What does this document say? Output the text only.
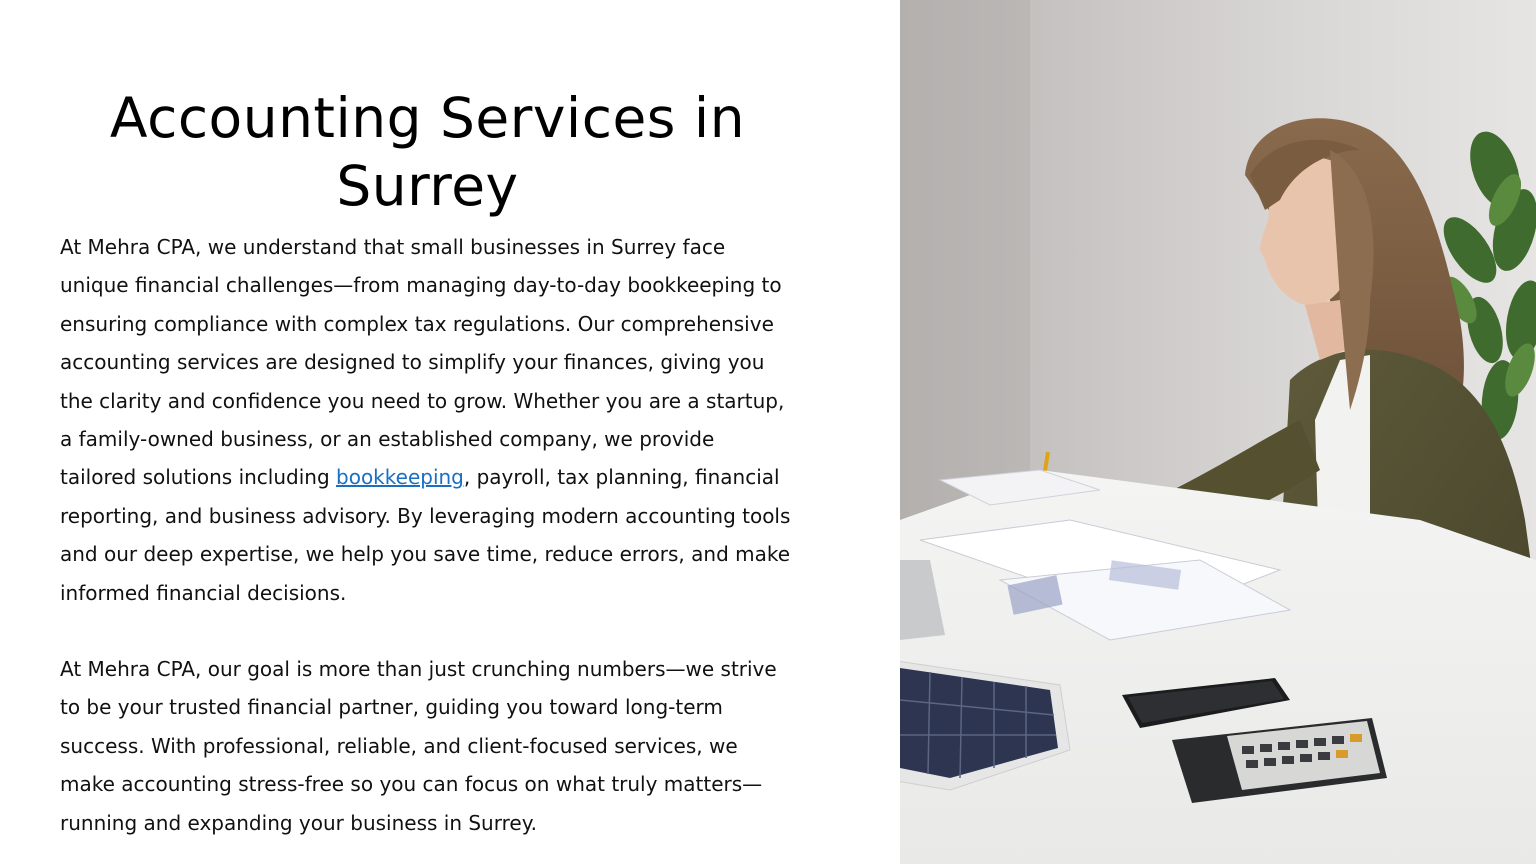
Accounting Services in Surrey

At Mehra CPA, we understand that small businesses in Surrey face unique financial challenges—from managing day-to-day bookkeeping to ensuring compliance with complex tax regulations. Our comprehensive accounting services are designed to simplify your finances, giving you the clarity and confidence you need to grow. Whether you are a startup, a family-owned business, or an established company, we provide tailored solutions including bookkeeping, payroll, tax planning, financial reporting, and business advisory. By leveraging modern accounting tools and our deep expertise, we help you save time, reduce errors, and make informed financial decisions.

At Mehra CPA, our goal is more than just crunching numbers—we strive to be your trusted financial partner, guiding you toward long-term success. With professional, reliable, and client-focused services, we make accounting stress-free so you can focus on what truly matters—running and expanding your business in Surrey.
